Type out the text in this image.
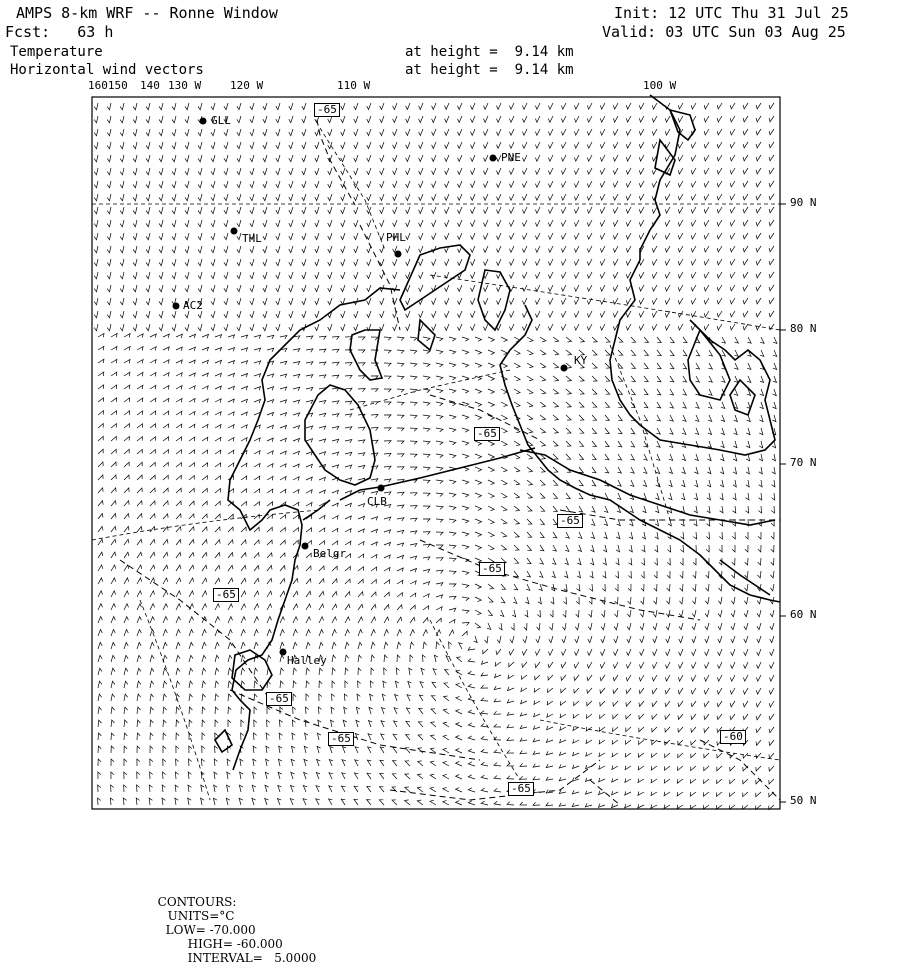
AMPS 8-km WRF -- Ronne Window
Fcst:   63 h
Init: 12 UTC Thu 31 Jul 25
Valid: 03 UTC Sun 03 Aug 25
Temperature	at height =  9.14 km
Horizontal wind vectors	at height =  9.14 km
160150 140 130 W	120 W	110 W	100 W
90 N
80 N
70 N
60 N
50 N
GLL
PNE
THL	PHL
AC2
KY
CLB
Belgr
Halley
-65
-65
-65
-65
-65
-65
-65
-65
-60

CONTOURS:
UNITS=°C
LOW= -70.000
HIGH= -60.000
INTERVAL=   5.0000
